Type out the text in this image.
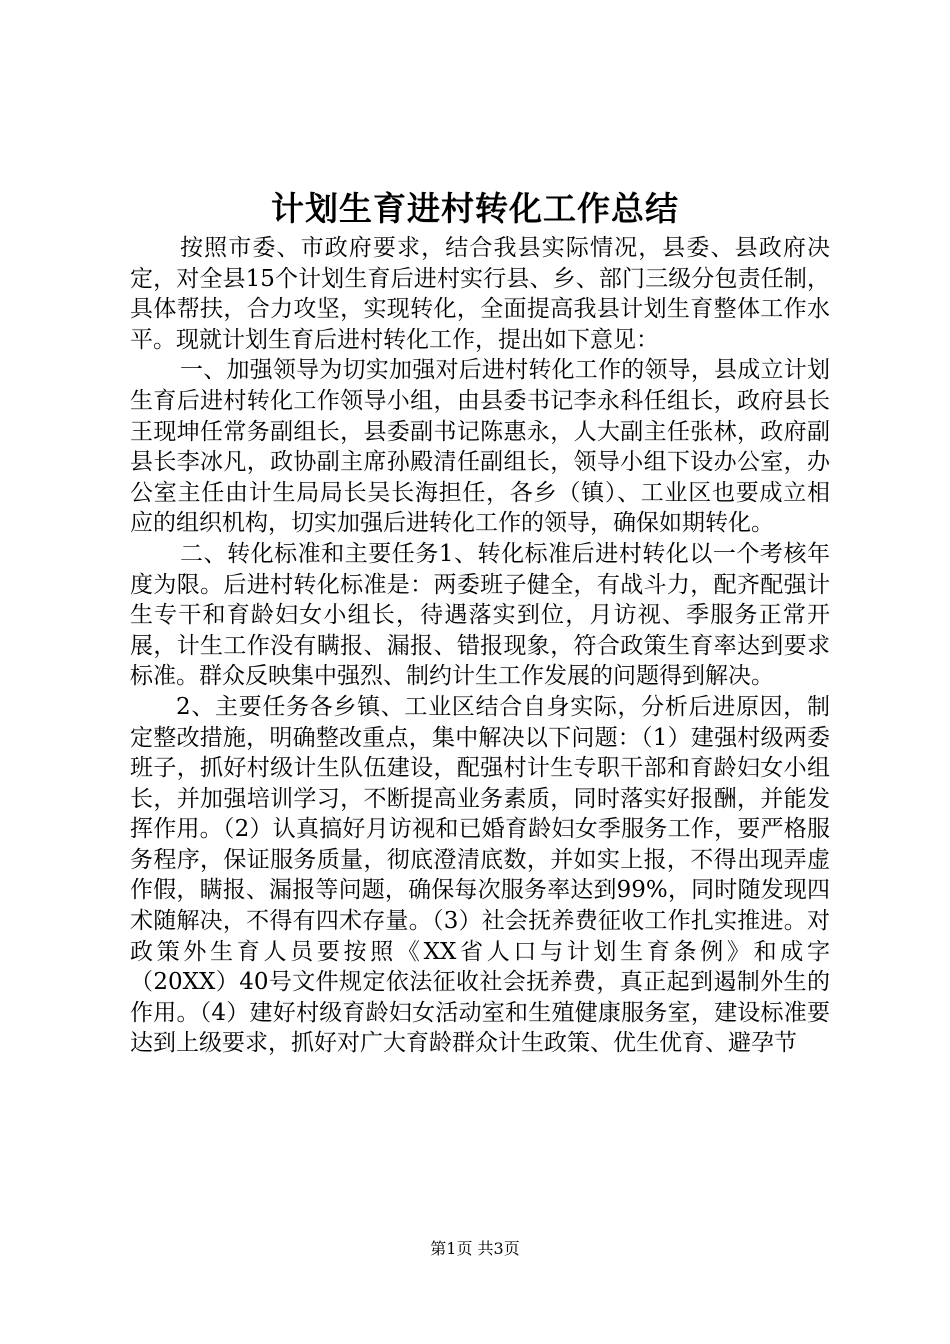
计划生育进村转化工作总结

按照市委、市政府要求，结合我县实际情况，县委、县政府决定，对全县15个计划生育后进村实行县、乡、部门三级分包责任制，具体帮扶，合力攻坚，实现转化，全面提高我县计划生育整体工作水平。现就计划生育后进村转化工作，提出如下意见：

一、加强领导为切实加强对后进村转化工作的领导，县成立计划生育后进村转化工作领导小组，由县委书记李永科任组长，政府县长王现坤任常务副组长，县委副书记陈惠永，人大副主任张林，政府副县长李冰凡，政协副主席孙殿清任副组长，领导小组下设办公室，办公室主任由计生局局长吴长海担任，各乡（镇）、工业区也要成立相应的组织机构，切实加强后进转化工作的领导，确保如期转化。

二、转化标准和主要任务1、转化标准后进村转化以一个考核年度为限。后进村转化标准是：两委班子健全，有战斗力，配齐配强计生专干和育龄妇女小组长，待遇落实到位，月访视、季服务正常开展，计生工作没有瞒报、漏报、错报现象，符合政策生育率达到要求标准。群众反映集中强烈、制约计生工作发展的问题得到解决。

2、主要任务各乡镇、工业区结合自身实际，分析后进原因，制定整改措施，明确整改重点，集中解决以下问题：（1）建强村级两委班子，抓好村级计生队伍建设，配强村计生专职干部和育龄妇女小组长，并加强培训学习，不断提高业务素质，同时落实好报酬，并能发挥作用。（2）认真搞好月访视和已婚育龄妇女季服务工作，要严格服务程序，保证服务质量，彻底澄清底数，并如实上报，不得出现弄虚作假，瞒报、漏报等问题，确保每次服务率达到99%，同时随发现四术随解决，不得有四术存量。（3）社会抚养费征收工作扎实推进。对政策外生育人员要按照《XX省人口与计划生育条例》和成字（20XX）40号文件规定依法征收社会抚养费，真正起到遏制外生的作用。（4）建好村级育龄妇女活动室和生殖健康服务室，建设标准要达到上级要求，抓好对广大育龄群众计生政策、优生优育、避孕节

第1页 共3页
